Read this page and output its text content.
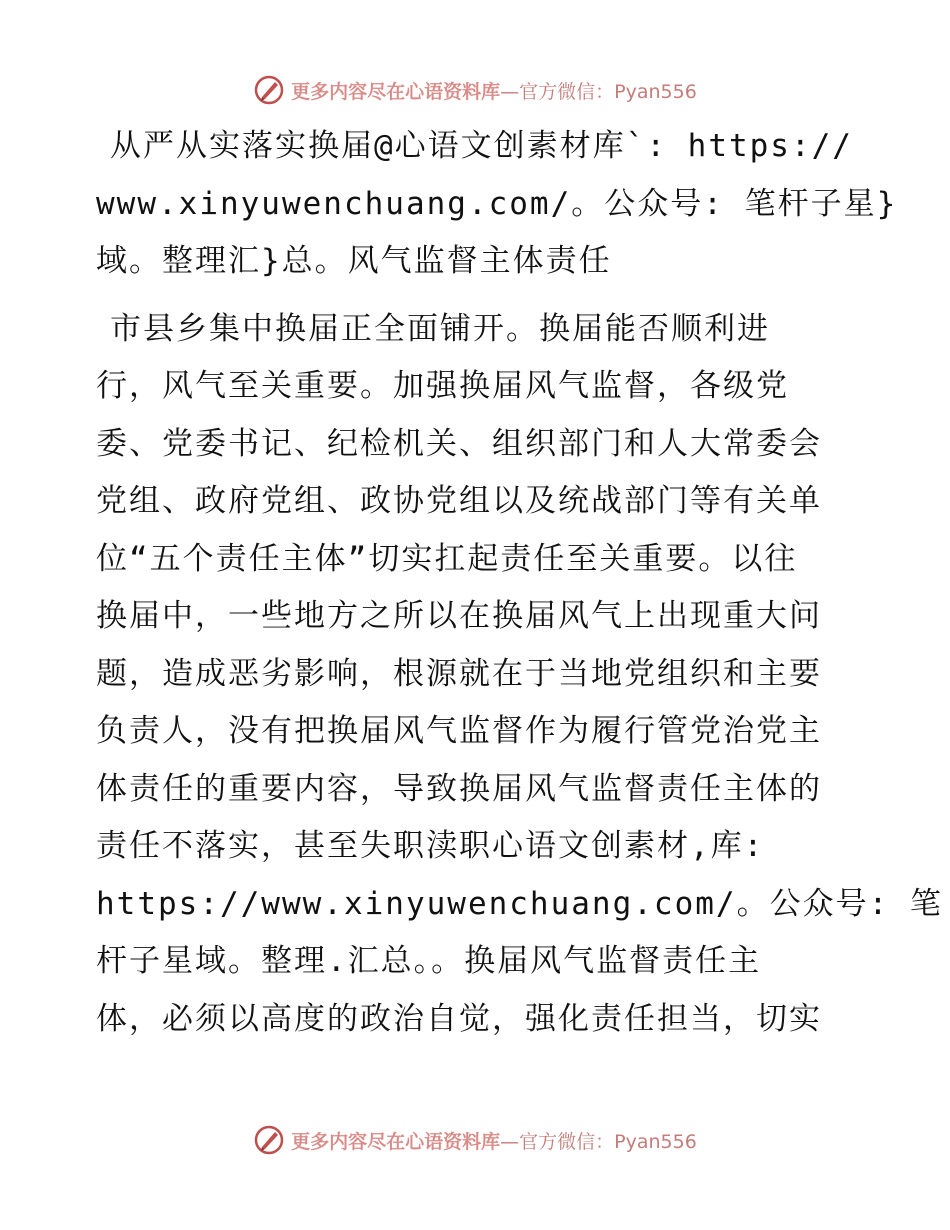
更多内容尽在心语资料库—官方微信：Pyan556
从严从实落实换届@心语文创素材库`: https://
www.xinyuwenchuang.com/。公众号: 笔杆子星}
域。整理汇}总。风气监督主体责任
市县乡集中换届正全面铺开。换届能否顺利进
行，风气至关重要。加强换届风气监督，各级党
委、党委书记、纪检机关、组织部门和人大常委会
党组、政府党组、政协党组以及统战部门等有关单
位“五个责任主体”切实扛起责任至关重要。以往
换届中，一些地方之所以在换届风气上出现重大问
题，造成恶劣影响，根源就在于当地党组织和主要
负责人，没有把换届风气监督作为履行管党治党主
体责任的重要内容，导致换届风气监督责任主体的
责任不落实，甚至失职渎职心语文创素材,库:
https://www.xinyuwenchuang.com/。公众号: 笔
杆子星域。整理.汇总。。换届风气监督责任主
体，必须以高度的政治自觉，强化责任担当，切实
更多内容尽在心语资料库—官方微信：Pyan556
